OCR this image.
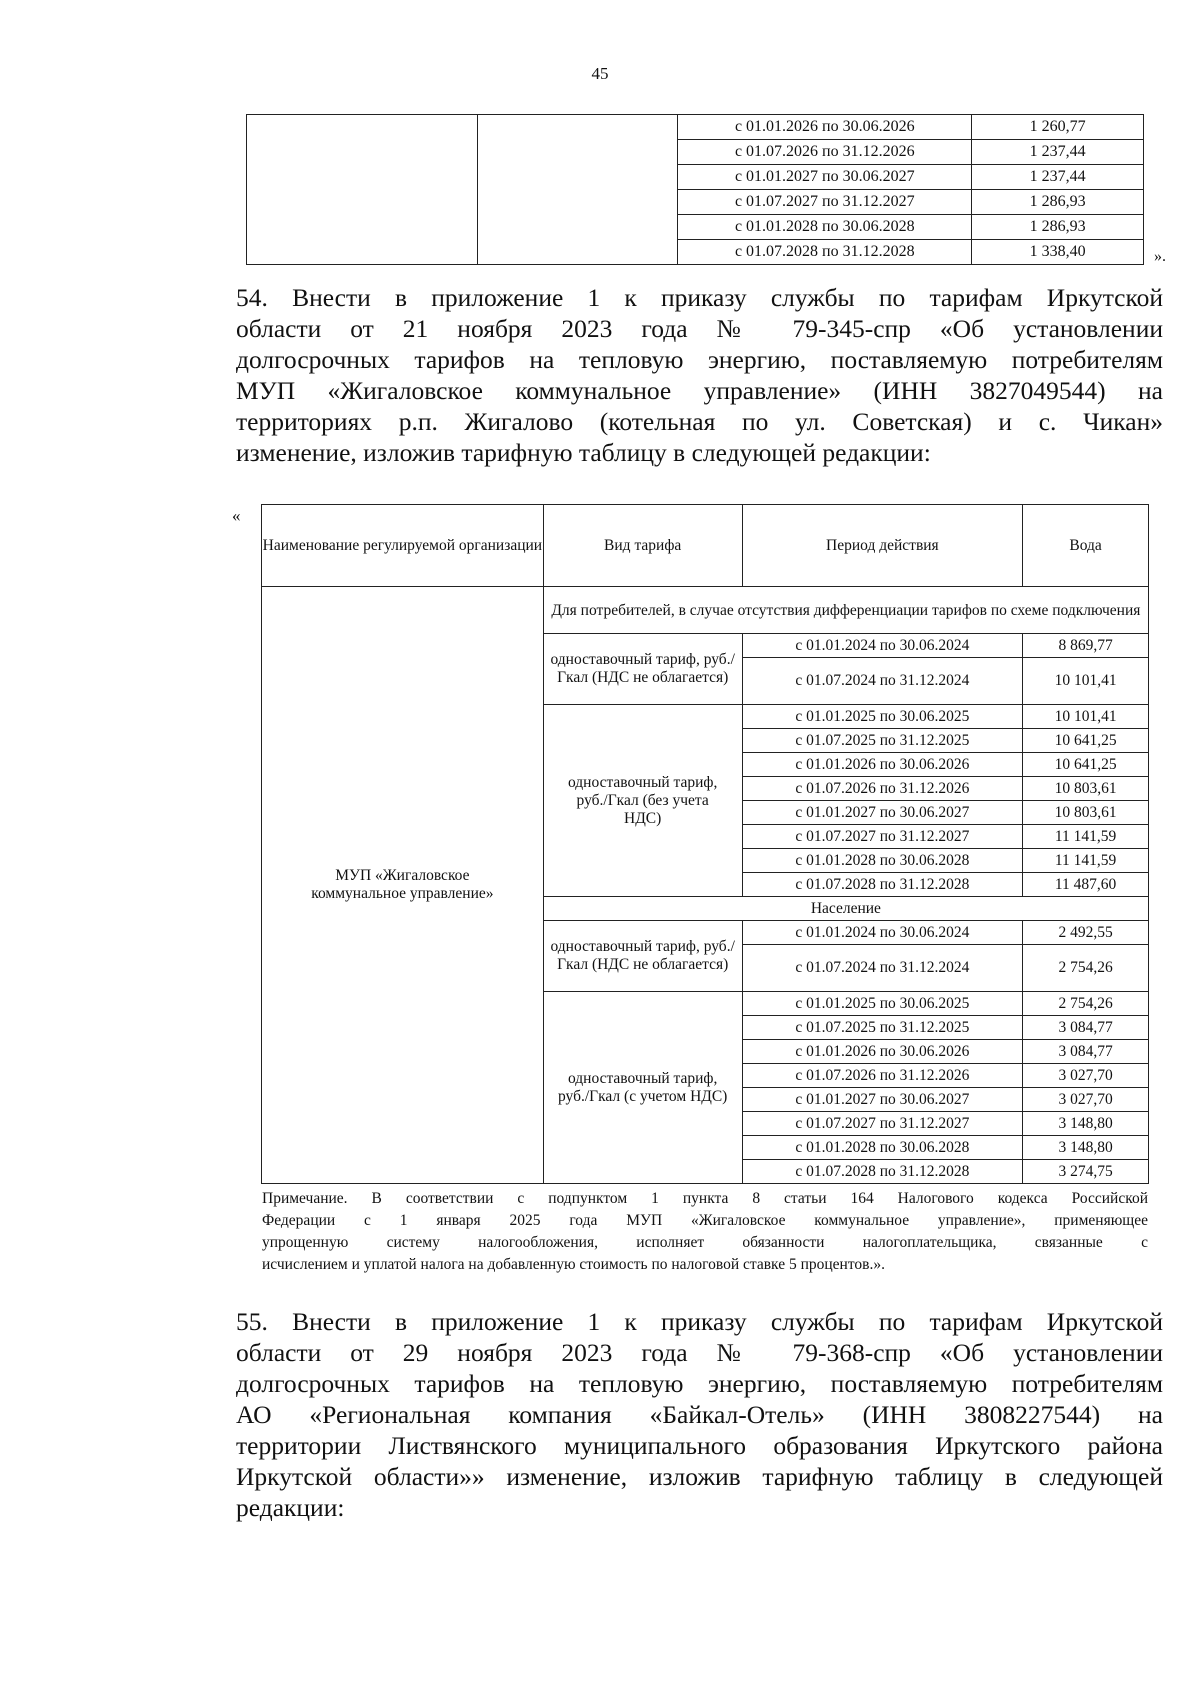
45
		с 01.01.2026 по 30.06.2026	1 260,77
		с 01.07.2026 по 31.12.2026	1 237,44
		с 01.01.2027 по 30.06.2027	1 237,44
		с 01.07.2027 по 31.12.2027	1 286,93
		с 01.01.2028 по 30.06.2028	1 286,93
		с 01.07.2028 по 31.12.2028	1 338,40	».

54. Внести в приложение 1 к приказу службы по тарифам Иркутской
области от 21 ноября 2023 года № 79-345-спр «Об установлении
долгосрочных тарифов на тепловую энергию, поставляемую потребителям
МУП «Жигаловское коммунальное управление» (ИНН 3827049544) на
территориях р.п. Жигалово (котельная по ул. Советская) и с. Чикан»
изменение, изложив тарифную таблицу в следующей редакции:

«
Наименование регулируемой организации	Вид тарифа	Период действия	Вода
МУП «Жигаловское коммунальное управление»	Для потребителей, в случае отсутствия дифференциации тарифов по схеме подключения		
	одноставочный тариф, руб./Гкал (НДС не облагается)	с 01.01.2024 по 30.06.2024	8 869,77
		с 01.07.2024 по 31.12.2024	10 101,41
	одноставочный тариф, руб./Гкал (без учета НДС)	с 01.01.2025 по 30.06.2025	10 101,41
		с 01.07.2025 по 31.12.2025	10 641,25
		с 01.01.2026 по 30.06.2026	10 641,25
		с 01.07.2026 по 31.12.2026	10 803,61
		с 01.01.2027 по 30.06.2027	10 803,61
		с 01.07.2027 по 31.12.2027	11 141,59
		с 01.01.2028 по 30.06.2028	11 141,59
		с 01.07.2028 по 31.12.2028	11 487,60
	Население		
	одноставочный тариф, руб./Гкал (НДС не облагается)	с 01.01.2024 по 30.06.2024	2 492,55
		с 01.07.2024 по 31.12.2024	2 754,26
	одноставочный тариф, руб./Гкал (с учетом НДС)	с 01.01.2025 по 30.06.2025	2 754,26
		с 01.07.2025 по 31.12.2025	3 084,77
		с 01.01.2026 по 30.06.2026	3 084,77
		с 01.07.2026 по 31.12.2026	3 027,70
		с 01.01.2027 по 30.06.2027	3 027,70
		с 01.07.2027 по 31.12.2027	3 148,80
		с 01.01.2028 по 30.06.2028	3 148,80
		с 01.07.2028 по 31.12.2028	3 274,75

Примечание. В соответствии с подпунктом 1 пункта 8 статьи 164 Налогового кодекса Российской
Федерации с 1 января 2025 года МУП «Жигаловское коммунальное управление», применяющее
упрощенную систему налогообложения, исполняет обязанности налогоплательщика, связанные с
исчислением и уплатой налога на добавленную стоимость по налоговой ставке 5 процентов.».

55. Внести в приложение 1 к приказу службы по тарифам Иркутской
области от 29 ноября 2023 года № 79-368-спр «Об установлении
долгосрочных тарифов на тепловую энергию, поставляемую потребителям
АО «Региональная компания «Байкал-Отель» (ИНН 3808227544) на
территории Листвянского муниципального образования Иркутского района
Иркутской области»» изменение, изложив тарифную таблицу в следующей
редакции:
